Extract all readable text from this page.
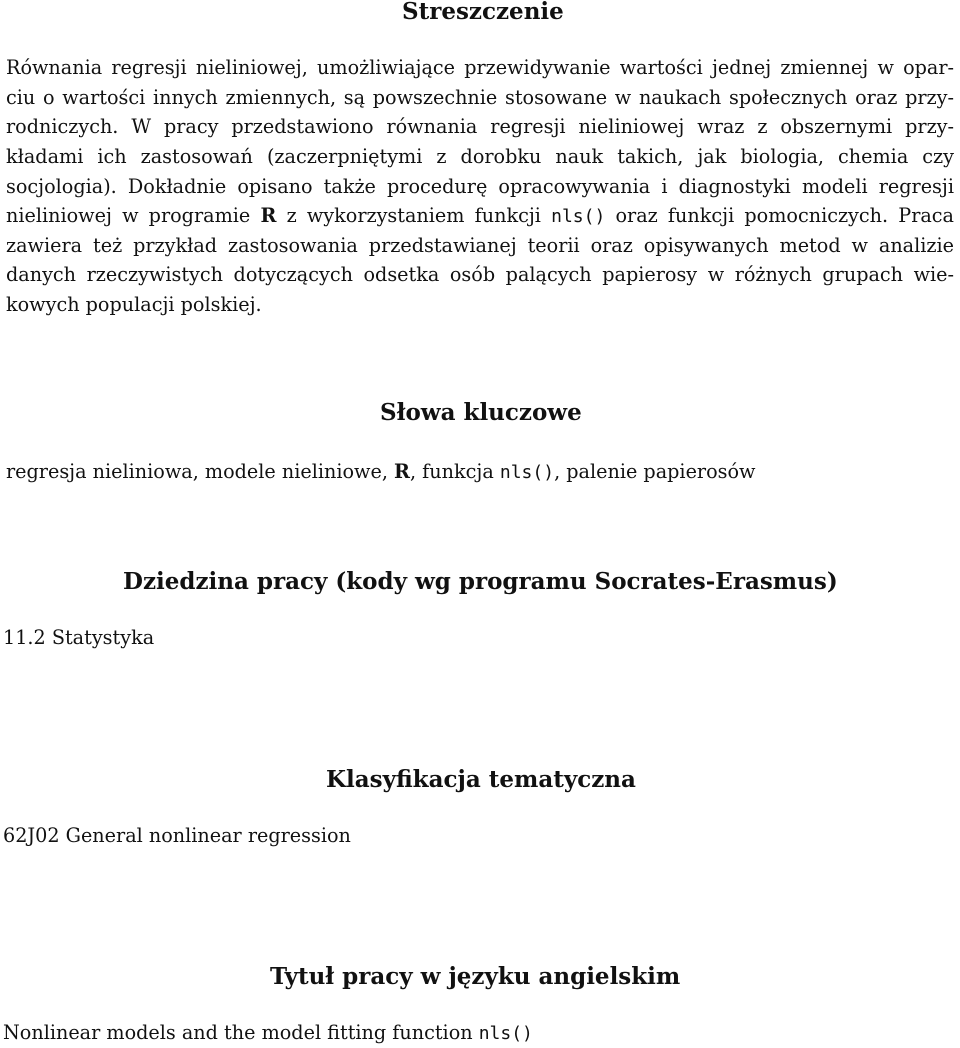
Streszczenie
Równania regresji nieliniowej, umożliwiające przewidywanie wartości jednej zmiennej w opar-
ciu o wartości innych zmiennych, są powszechnie stosowane w naukach społecznych oraz przy-
rodniczych. W pracy przedstawiono równania regresji nieliniowej wraz z obszernymi przy-
kładami ich zastosowań (zaczerpniętymi z dorobku nauk takich, jak biologia, chemia czy
socjologia). Dokładnie opisano także procedurę opracowywania i diagnostyki modeli regresji
nieliniowej w programie R z wykorzystaniem funkcji nls() oraz funkcji pomocniczych. Praca
zawiera też przykład zastosowania przedstawianej teorii oraz opisywanych metod w analizie
danych rzeczywistych dotyczących odsetka osób palących papierosy w różnych grupach wie-
kowych populacji polskiej.
Słowa kluczowe
regresja nieliniowa, modele nieliniowe, R, funkcja nls(), palenie papierosów
Dziedzina pracy (kody wg programu Socrates-Erasmus)
11.2 Statystyka
Klasyfikacja tematyczna
62J02 General nonlinear regression
Tytuł pracy w języku angielskim
Nonlinear models and the model fitting function nls()
